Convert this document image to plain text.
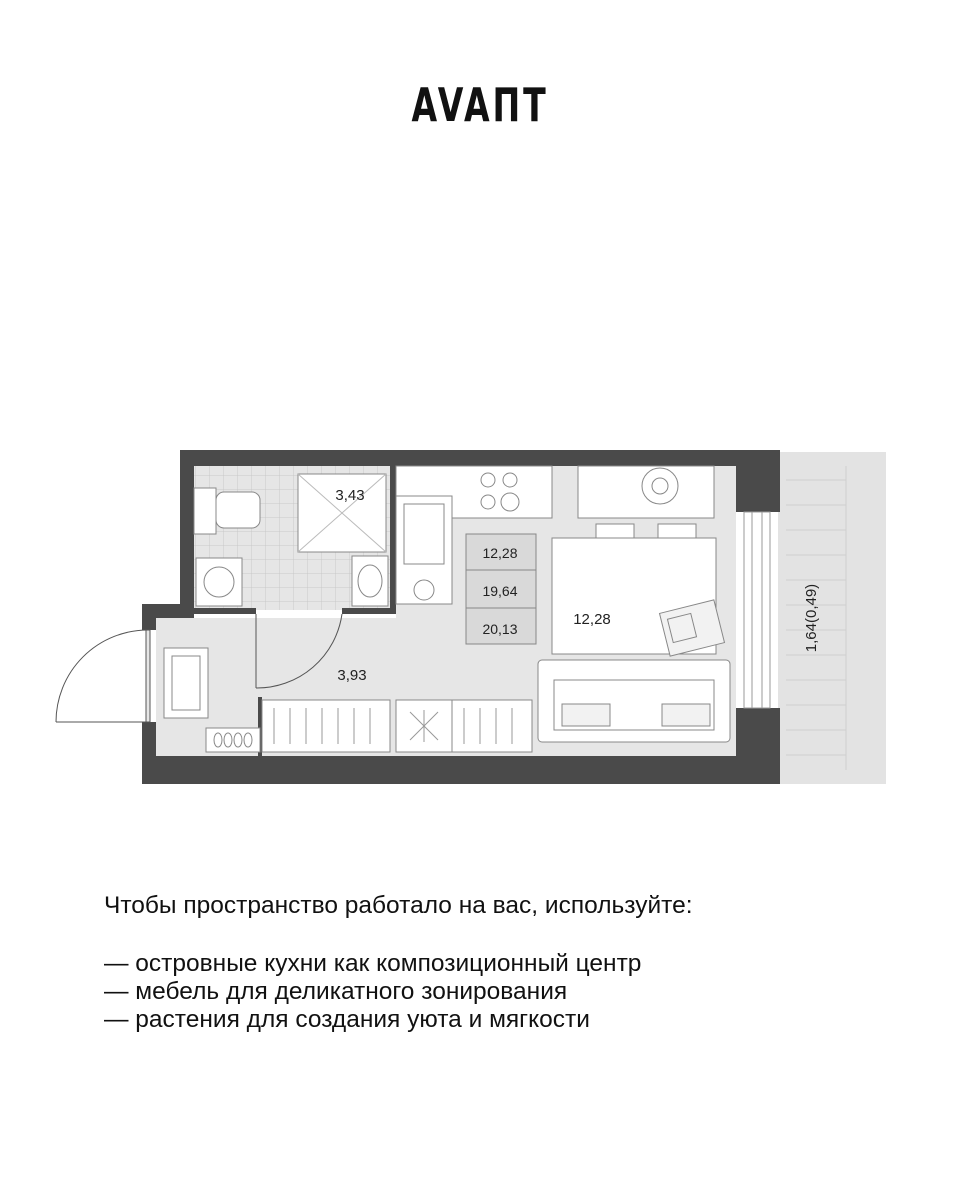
AVAПТ
3,43
3,93
12,28
12,28
19,64
20,13	1,64(0,49)

Чтобы пространство работало на вас, используйте:

— островные кухни как композиционный центр
— мебель для деликатного зонирования
— растения для создания уюта и мягкости
